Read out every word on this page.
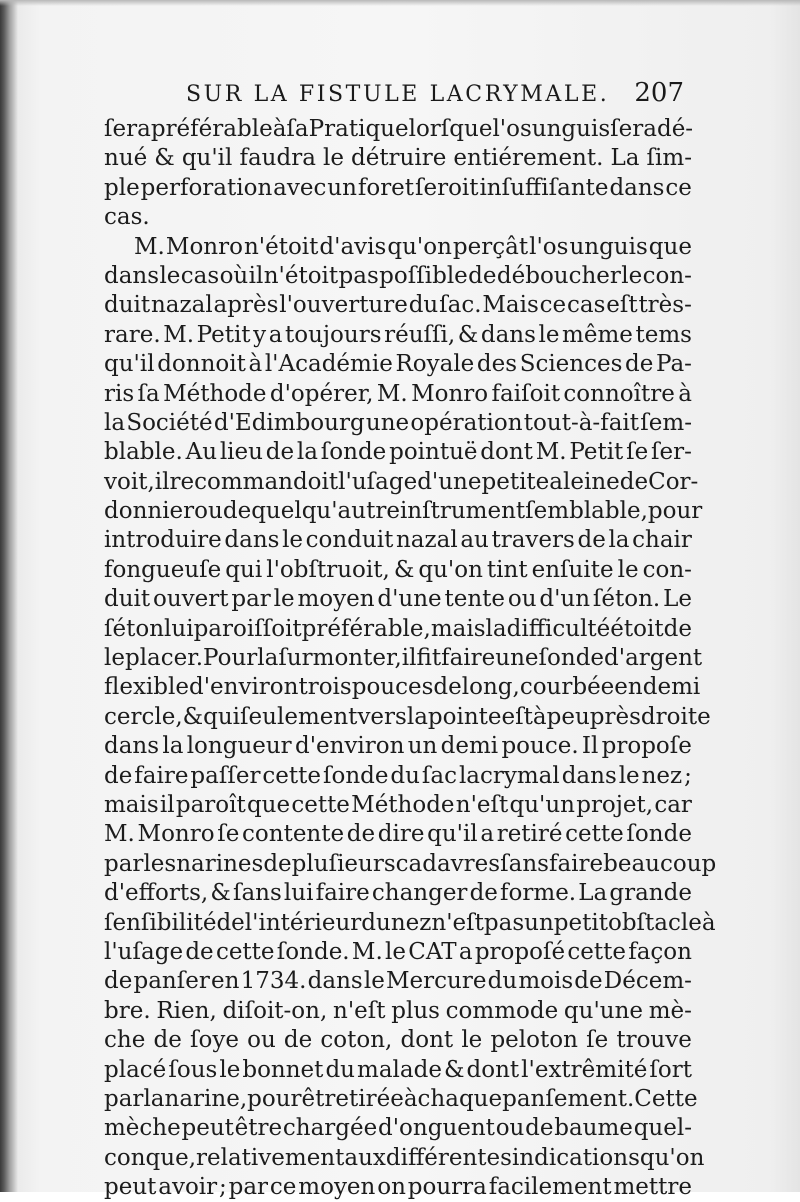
SUR LA FISTULE LACRYMALE. 207
ſera préférable à ſa Pratique lorſque l'os unguis ſera dé-
nué & qu'il faudra le détruire entiérement. La ſim-
ple perforation avec un foret ſeroit inſuffiſante dans ce
cas.
M. Monro n'étoit d'avis qu'on perçât l'os unguis que
dans le cas où il n'étoit pas poſſible de déboucher le con-
duit nazal après l'ouverture du ſac. Mais ce cas eſt très-
rare. M. Petit y a toujours réuſſi, & dans le même tems
qu'il donnoit à l'Académie Royale des Sciences de Pa-
ris ſa Méthode d'opérer, M. Monro faiſoit connoître à
la Société d'Edimbourg une opération tout-à-fait ſem-
blable. Au lieu de la ſonde pointuë dont M. Petit ſe ſer-
voit, il recommandoit l'uſage d'une petite aleine de Cor-
donnier ou de quelqu'autre inſtrument ſemblable, pour
introduire dans le conduit nazal au travers de la chair
fongueuſe qui l'obſtruoit, & qu'on tint enſuite le con-
duit ouvert par le moyen d'une tente ou d'un ſéton. Le
ſéton lui paroiſſoit préférable, mais la difficulté étoit de
le placer. Pour la ſurmonter, il fit faire une ſonde d'argent
flexible d'environ trois pouces de long, courbée en demi
cercle, & qui ſeulement vers la pointe eſt à peu près droite
dans la longueur d'environ un demi pouce. Il propoſe
de faire paſſer cette ſonde du ſac lacrymal dans le nez ;
mais il paroît que cette Méthode n'eſt qu'un projet, car
M. Monro ſe contente de dire qu'il a retiré cette ſonde
par les narines de pluſieurs cadavres ſans faire beaucoup
d'efforts, & ſans lui faire changer de forme. La grande
ſenſibilité de l'intérieur du nez n'eſt pas un petit obſtacle à
l'uſage de cette ſonde. M. le CAT a propoſé cette façon
de panſer en 1734. dans le Mercure du mois de Décem-
bre. Rien, diſoit-on, n'eſt plus commode qu'une mè-
che de ſoye ou de coton, dont le peloton ſe trouve
placé ſous le bonnet du malade & dont l'extrêmité ſort
par la narine, pour être tirée à chaque panſement. Cette
mèche peut être chargée d'onguent ou de baume quel-
conque, relativement aux différentes indications qu'on
peut avoir ; par ce moyen on pourra facilement mettre
